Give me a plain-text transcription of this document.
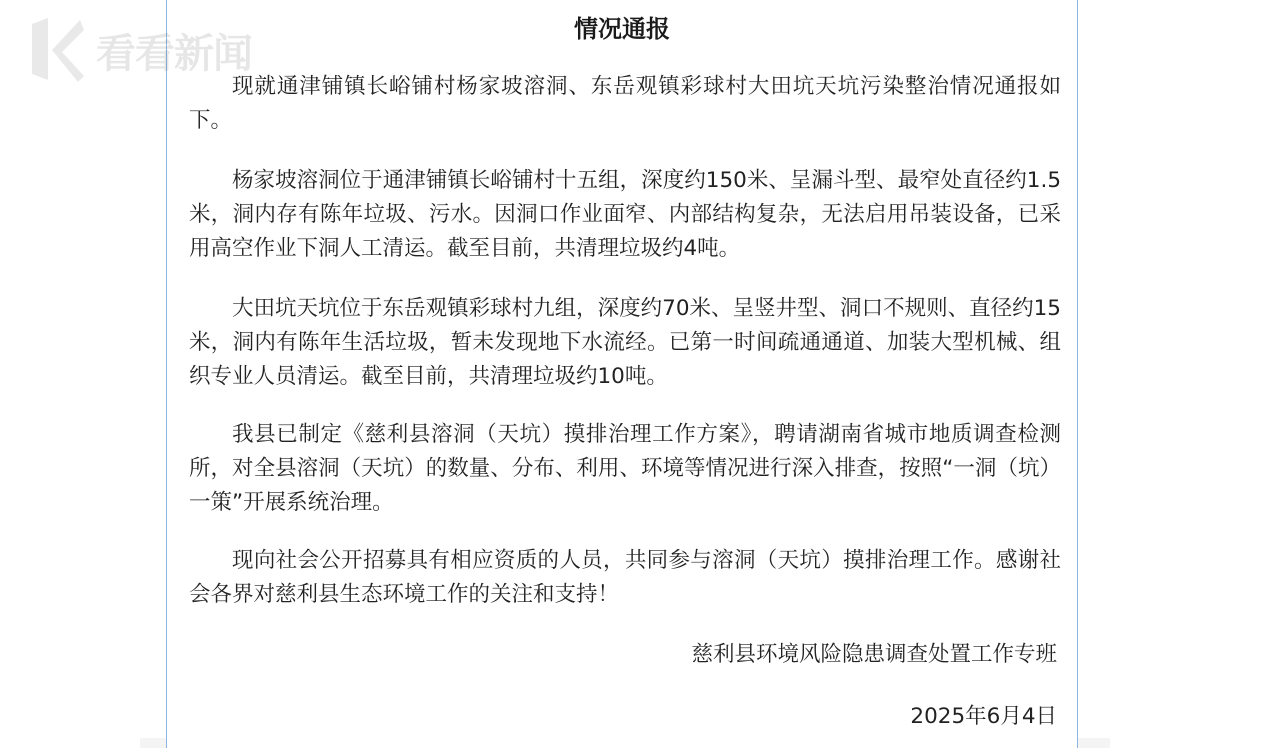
情况通报

现就通津铺镇长峪铺村杨家坡溶洞、东岳观镇彩球村大田坑天坑污染整治情况通报如下。

杨家坡溶洞位于通津铺镇长峪铺村十五组，深度约150米、呈漏斗型、最窄处直径约1.5米，洞内存有陈年垃圾、污水。因洞口作业面窄、内部结构复杂，无法启用吊装设备，已采用高空作业下洞人工清运。截至目前，共清理垃圾约4吨。

大田坑天坑位于东岳观镇彩球村九组，深度约70米、呈竖井型、洞口不规则、直径约15米，洞内有陈年生活垃圾，暂未发现地下水流经。已第一时间疏通通道、加装大型机械、组织专业人员清运。截至目前，共清理垃圾约10吨。

我县已制定《慈利县溶洞（天坑）摸排治理工作方案》，聘请湖南省城市地质调查检测所，对全县溶洞（天坑）的数量、分布、利用、环境等情况进行深入排查，按照“一洞（坑）一策”开展系统治理。

现向社会公开招募具有相应资质的人员，共同参与溶洞（天坑）摸排治理工作。感谢社会各界对慈利县生态环境工作的关注和支持！

慈利县环境风险隐患调查处置工作专班
2025年6月4日
看看新闻
